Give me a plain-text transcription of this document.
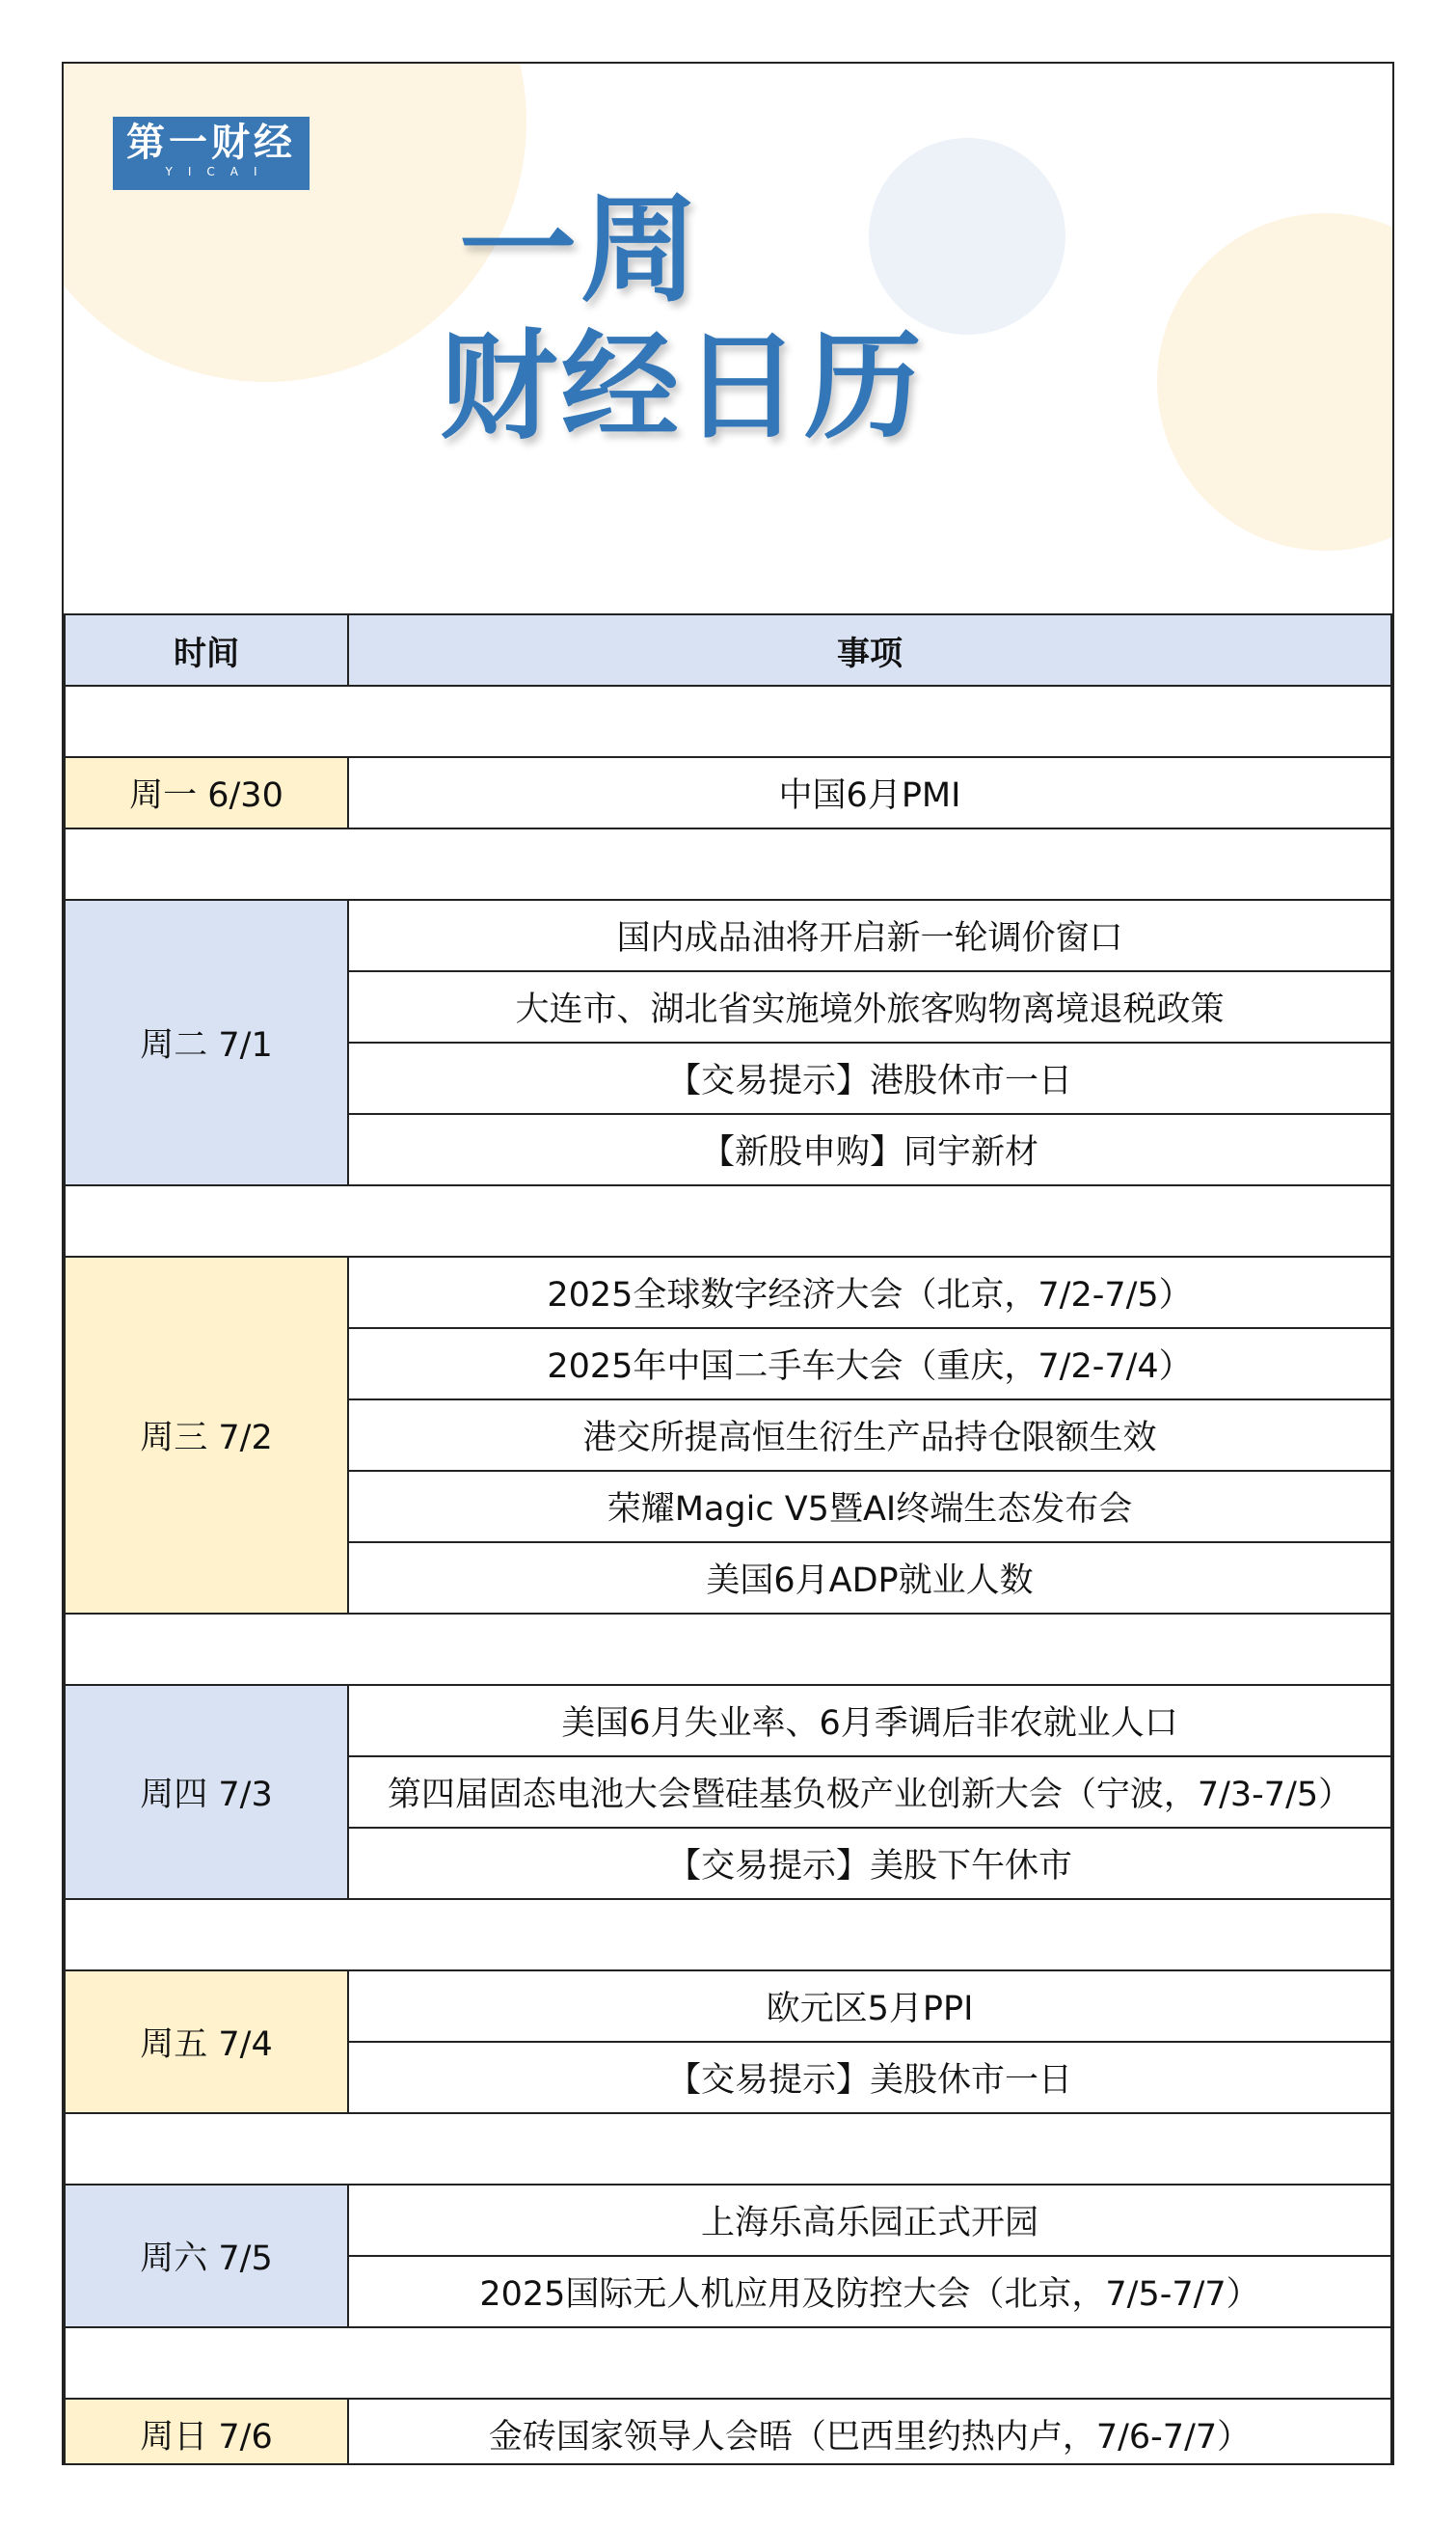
第一财经
YICAI
一周
财经日历
时间	事项

周一 6/30	中国6月PMI

周二 7/1	国内成品油将开启新一轮调价窗口
	大连市、湖北省实施境外旅客购物离境退税政策
	【交易提示】港股休市一日
	【新股申购】同宇新材

周三 7/2	2025全球数字经济大会（北京，7/2-7/5）
	2025年中国二手车大会（重庆，7/2-7/4）
	港交所提高恒生衍生产品持仓限额生效
	荣耀Magic V5暨AI终端生态发布会
	美国6月ADP就业人数

周四 7/3	美国6月失业率、6月季调后非农就业人口
	第四届固态电池大会暨硅基负极产业创新大会（宁波，7/3-7/5）
	【交易提示】美股下午休市

周五 7/4	欧元区5月PPI
	【交易提示】美股休市一日

周六 7/5	上海乐高乐园正式开园
	2025国际无人机应用及防控大会（北京，7/5-7/7）

周日 7/6	金砖国家领导人会晤（巴西里约热内卢，7/6-7/7）
